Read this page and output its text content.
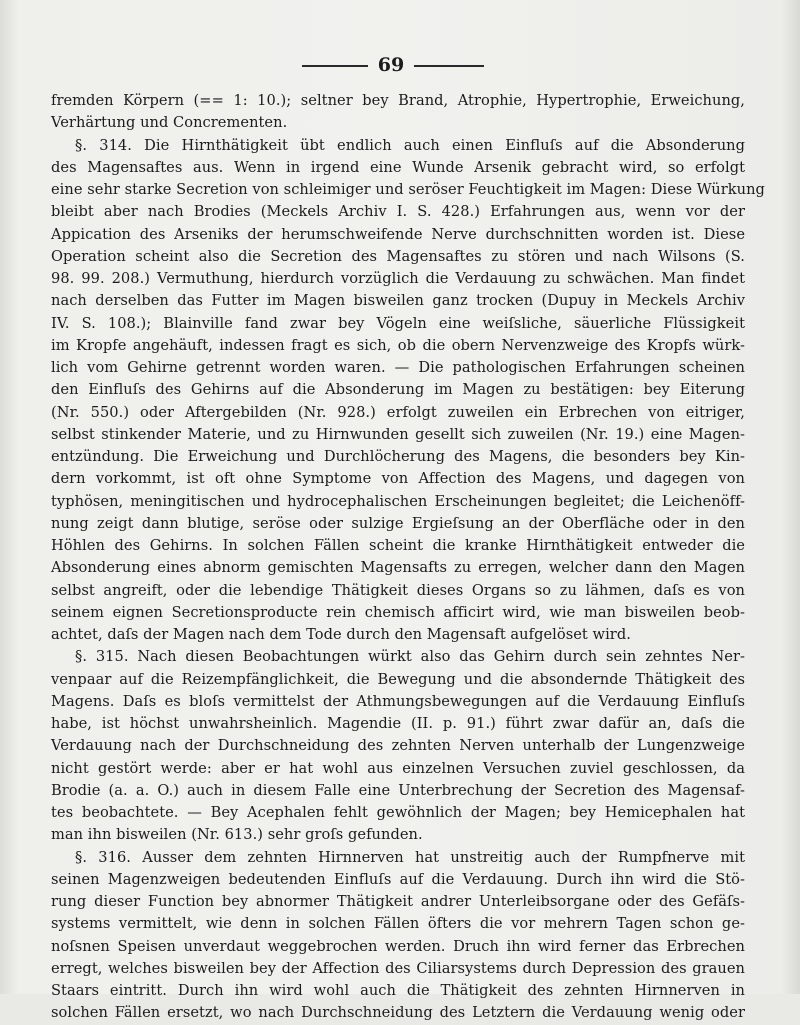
69
fremden Körpern (== 1: 10.); seltner bey Brand, Atrophie, Hypertrophie, Erweichung,
Verhärtung und Concrementen.
§. 314. Die Hirnthätigkeit übt endlich auch einen Einfluſs auf die Absonderung
des Magensaftes aus. Wenn in irgend eine Wunde Arsenik gebracht wird, so erfolgt
eine sehr starke Secretion von schleimiger und seröser Feuchtigkeit im Magen: Diese Würkung
bleibt aber nach Brodies (Meckels Archiv I. S. 428.) Erfahrungen aus, wenn vor der
Appication des Arseniks der herumschweifende Nerve durchschnitten worden ist. Diese
Operation scheint also die Secretion des Magensaftes zu stören und nach Wilsons (S.
98. 99. 208.) Vermuthung, hierdurch vorzüglich die Verdauung zu schwächen. Man findet
nach derselben das Futter im Magen bisweilen ganz trocken (Dupuy in Meckels Archiv
IV. S. 108.); Blainville fand zwar bey Vögeln eine weiſsliche, säuerliche Flüssigkeit
im Kropfe angehäuft, indessen fragt es sich, ob die obern Nervenzweige des Kropfs würk-
lich vom Gehirne getrennt worden waren. — Die pathologischen Erfahrungen scheinen
den Einfluſs des Gehirns auf die Absonderung im Magen zu bestätigen: bey Eiterung
(Nr. 550.) oder Aftergebilden (Nr. 928.) erfolgt zuweilen ein Erbrechen von eitriger,
selbst stinkender Materie, und zu Hirnwunden gesellt sich zuweilen (Nr. 19.) eine Magen-
entzündung. Die Erweichung und Durchlöcherung des Magens, die besonders bey Kin-
dern vorkommt, ist oft ohne Symptome von Affection des Magens, und dagegen von
typhösen, meningitischen und hydrocephalischen Erscheinungen begleitet; die Leichenöff-
nung zeigt dann blutige, seröse oder sulzige Ergieſsung an der Oberfläche oder in den
Höhlen des Gehirns. In solchen Fällen scheint die kranke Hirnthätigkeit entweder die
Absonderung eines abnorm gemischten Magensafts zu erregen, welcher dann den Magen
selbst angreift, oder die lebendige Thätigkeit dieses Organs so zu lähmen, daſs es von
seinem eignen Secretionsproducte rein chemisch afficirt wird, wie man bisweilen beob-
achtet, daſs der Magen nach dem Tode durch den Magensaft aufgelöset wird.
§. 315. Nach diesen Beobachtungen würkt also das Gehirn durch sein zehntes Ner-
venpaar auf die Reizempfänglichkeit, die Bewegung und die absondernde Thätigkeit des
Magens. Daſs es bloſs vermittelst der Athmungsbewegungen auf die Verdauung Einfluſs
habe, ist höchst unwahrsheinlich. Magendie (II. p. 91.) führt zwar dafür an, daſs die
Verdauung nach der Durchschneidung des zehnten Nerven unterhalb der Lungenzweige
nicht gestört werde: aber er hat wohl aus einzelnen Versuchen zuviel geschlossen, da
Brodie (a. a. O.) auch in diesem Falle eine Unterbrechung der Secretion des Magensaf-
tes beobachtete. — Bey Acephalen fehlt gewöhnlich der Magen; bey Hemicephalen hat
man ihn bisweilen (Nr. 613.) sehr groſs gefunden.
§. 316. Ausser dem zehnten Hirnnerven hat unstreitig auch der Rumpfnerve mit
seinen Magenzweigen bedeutenden Einfluſs auf die Verdauung. Durch ihn wird die Stö-
rung dieser Function bey abnormer Thätigkeit andrer Unterleibsorgane oder des Gefäſs-
systems vermittelt, wie denn in solchen Fällen öfters die vor mehrern Tagen schon ge-
noſsnen Speisen unverdaut weggebrochen werden. Druch ihn wird ferner das Erbrechen
erregt, welches bisweilen bey der Affection des Ciliarsystems durch Depression des grauen
Staars eintritt. Durch ihn wird wohl auch die Thätigkeit des zehnten Hirnnerven in
solchen Fällen ersetzt, wo nach Durchschneidung des Letztern die Verdauung wenig oder
